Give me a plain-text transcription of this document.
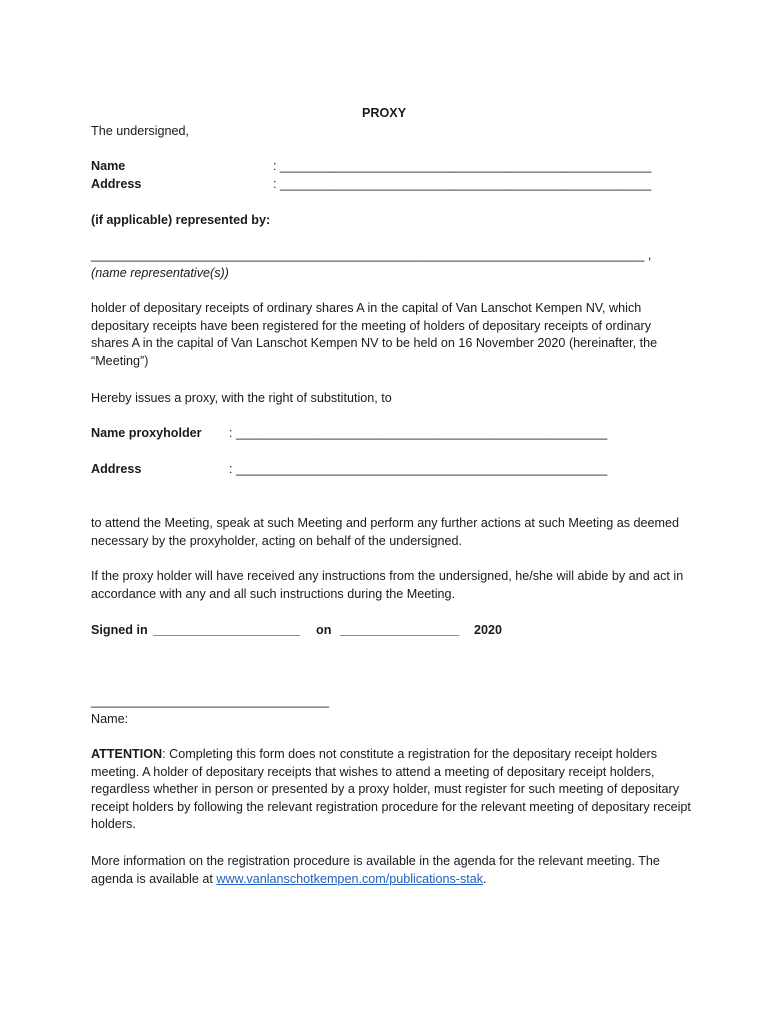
PROXY
The undersigned,
Name	: _____________________________________________________
Address	: _____________________________________________________
(if applicable) represented by:
_______________________________________________________________________________ ,
(name representative(s))
holder of depositary receipts of ordinary shares A in the capital of Van Lanschot Kempen NV, which depositary receipts have been registered for the meeting of holders of depositary receipts of ordinary shares A in the capital of Van Lanschot Kempen NV to be held on 16 November 2020 (hereinafter, the “Meeting”)
Hereby issues a proxy, with the right of substitution, to
Name proxyholder : _____________________________________________________
Address	: _____________________________________________________
to attend the Meeting, speak at such Meeting and perform any further actions at such Meeting as deemed necessary by the proxyholder, acting on behalf of the undersigned.
If the proxy holder will have received any instructions from the undersigned, he/she will abide by and act in accordance with any and all such instructions during the Meeting.
Signed in _____________________ on _________________ 2020
__________________________________
Name:
ATTENTION: Completing this form does not constitute a registration for the depositary receipt holders meeting. A holder of depositary receipts that wishes to attend a meeting of depositary receipt holders, regardless whether in person or presented by a proxy holder, must register for such meeting of depositary receipt holders by following the relevant registration procedure for the relevant meeting of depositary receipt holders.
More information on the registration procedure is available in the agenda for the relevant meeting. The agenda is available at www.vanlanschotkempen.com/publications-stak.
